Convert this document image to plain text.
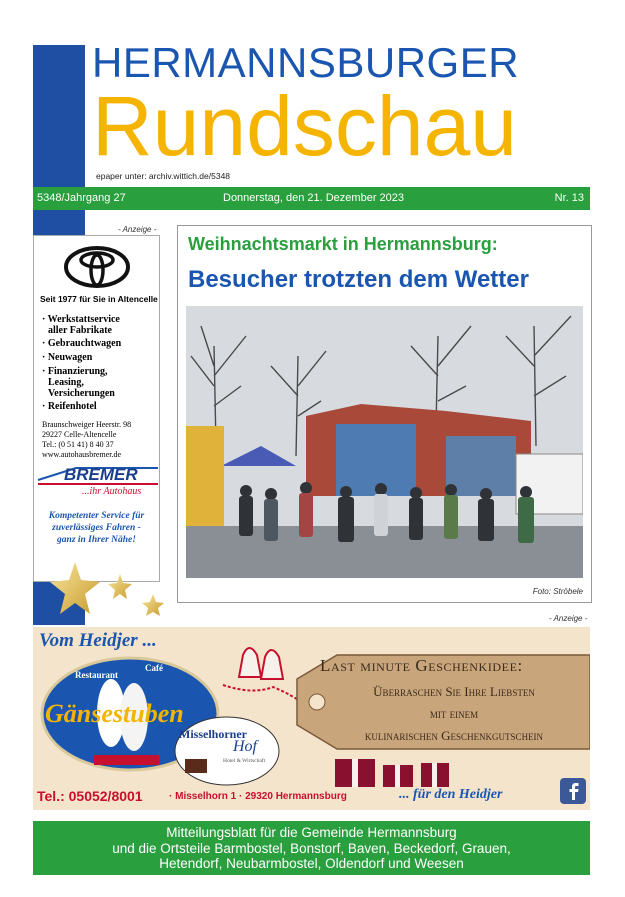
HERMANNSBURGER
Rundschau
epaper unter: archiv.wittich.de/5348
5348/Jahrgang 27	Donnerstag, den 21. Dezember 2023	Nr. 13
- Anzeige -
Seit 1977 für Sie in Altencelle
· Werkstattservice
aller Fabrikate
· Gebrauchtwagen
· Neuwagen
· Finanzierung,
Leasing,
Versicherungen
· Reifenhotel
Braunschweiger Heerstr. 98
29227 Celle-Altencelle
Tel.: (0 51 41) 8 40 37
www.autohausbremer.de
BREMER
...ihr Autohaus
Kompetenter Service für
zuverlässiges Fahren -
ganz in Ihrer Nähe!
Weihnachtsmarkt in Hermannsburg:
Besucher trotzten dem Wetter
Foto: Ströbele
- Anzeige -
Vom Heidjer ...
Restaurant
Café
Gänsestuben
Misselhorner
Hof
Hotel & Wirtschaft
Last minute Geschenkidee:
Überraschen Sie Ihre Liebsten
mit einem
kulinarischen Geschenkgutschein
Tel.: 05052/8001	· Misselhorn 1 · 29320 Hermannsburg	... für den Heidjer
Mitteilungsblatt für die Gemeinde Hermannsburg
und die Ortsteile Barmbostel, Bonstorf, Baven, Beckedorf, Grauen,
Hetendorf, Neubarmbostel, Oldendorf und Weesen
